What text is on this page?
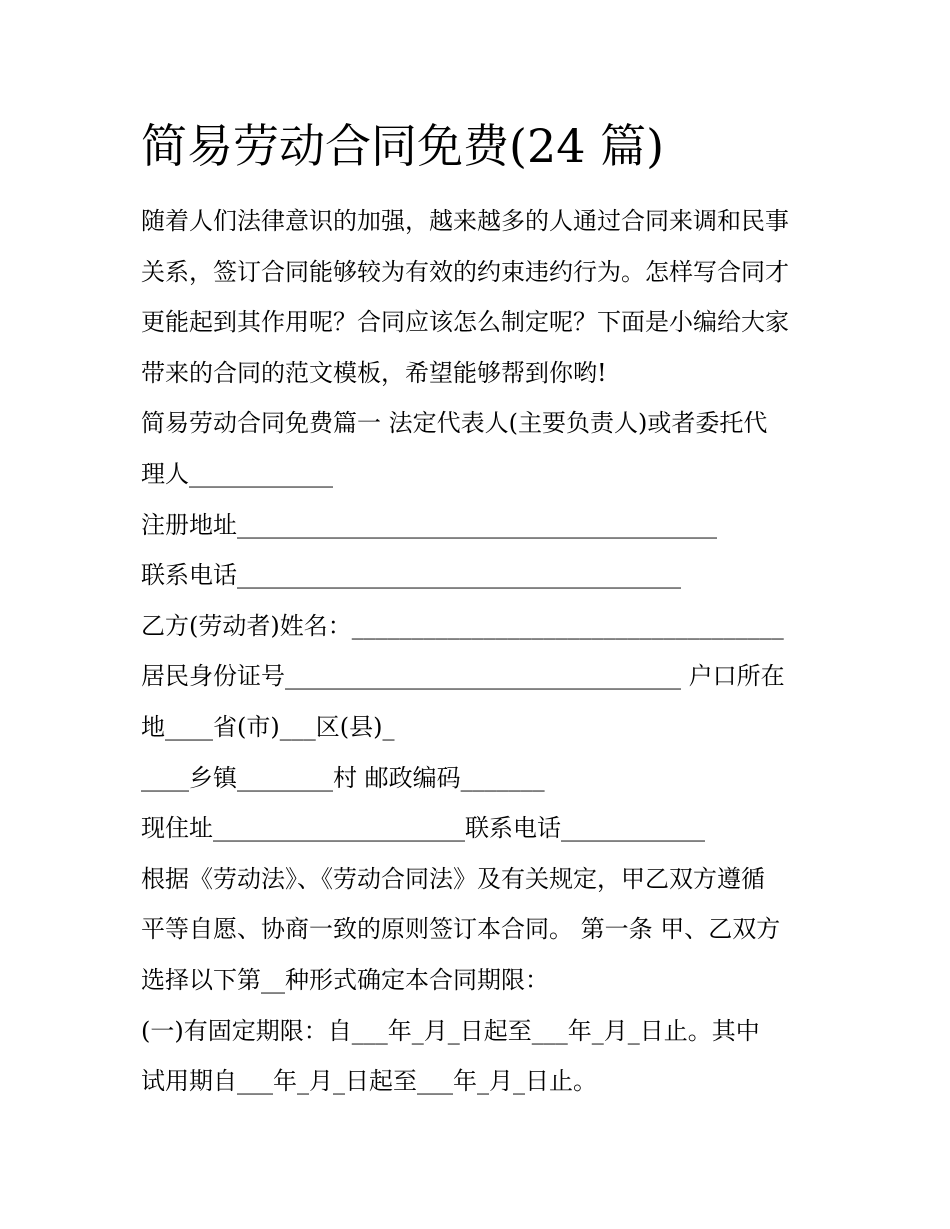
简易劳动合同免费(24 篇)
随着人们法律意识的加强，越来越多的人通过合同来调和民事
关系，签订合同能够较为有效的约束违约行为。怎样写合同才
更能起到其作用呢？合同应该怎么制定呢？下面是小编给大家
带来的合同的范文模板，希望能够帮到你哟!
简易劳动合同免费篇一 法定代表人(主要负责人)或者委托代
理人____________
注册地址________________________________________
联系电话_____________________________________
乙方(劳动者)姓名：____________________________________
居民身份证号_________________________________ 户口所在
地____省(市)___区(县)_
____乡镇________村 邮政编码_______
现住址_____________________联系电话____________
根据《劳动法》、《劳动合同法》及有关规定，甲乙双方遵循
平等自愿、协商一致的原则签订本合同。 第一条 甲、乙双方
选择以下第__种形式确定本合同期限：
(一)有固定期限：自___年_月_日起至___年_月_日止。其中
试用期自___年_月_日起至___年_月_日止。
